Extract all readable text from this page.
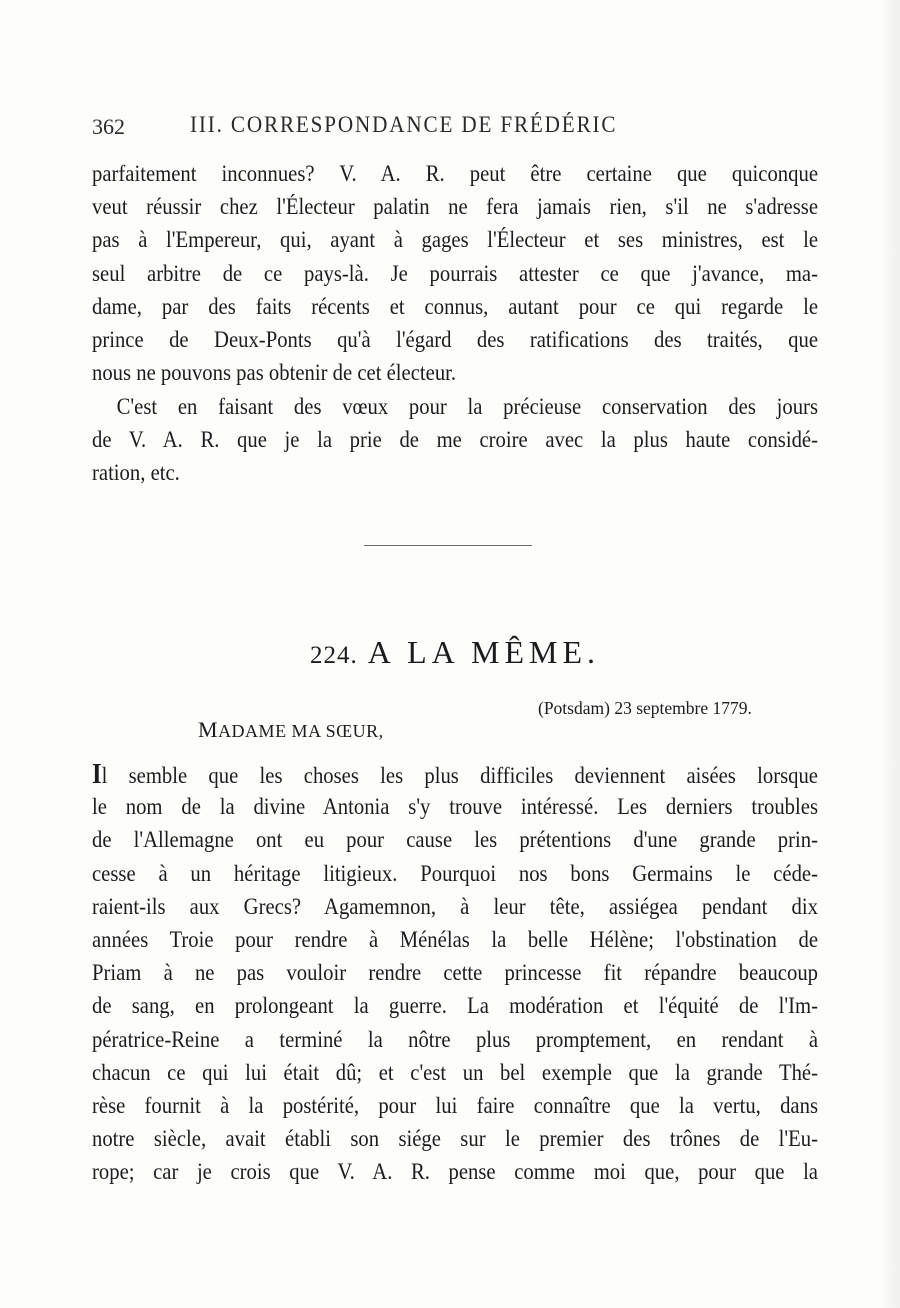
362	III. CORRESPONDANCE DE FRÉDÉRIC
parfaitement inconnues? V. A. R. peut être certaine que quiconque
veut réussir chez l'Électeur palatin ne fera jamais rien, s'il ne s'adresse
pas à l'Empereur, qui, ayant à gages l'Électeur et ses ministres, est le
seul arbitre de ce pays-là. Je pourrais attester ce que j'avance, ma-
dame, par des faits récents et connus, autant pour ce qui regarde le
prince de Deux-Ponts qu'à l'égard des ratifications des traités, que
nous ne pouvons pas obtenir de cet électeur.
C'est en faisant des vœux pour la précieuse conservation des jours
de V. A. R. que je la prie de me croire avec la plus haute considé-
ration, etc.
224. A LA MÊME.
(Potsdam) 23 septembre 1779.
MADAME MA SŒUR,
Il semble que les choses les plus difficiles deviennent aisées lorsque
le nom de la divine Antonia s'y trouve intéressé. Les derniers troubles
de l'Allemagne ont eu pour cause les prétentions d'une grande prin-
cesse à un héritage litigieux. Pourquoi nos bons Germains le céde-
raient-ils aux Grecs? Agamemnon, à leur tête, assiégea pendant dix
années Troie pour rendre à Ménélas la belle Hélène; l'obstination de
Priam à ne pas vouloir rendre cette princesse fit répandre beaucoup
de sang, en prolongeant la guerre. La modération et l'équité de l'Im-
pératrice-Reine a terminé la nôtre plus promptement, en rendant à
chacun ce qui lui était dû; et c'est un bel exemple que la grande Thé-
rèse fournit à la postérité, pour lui faire connaître que la vertu, dans
notre siècle, avait établi son siége sur le premier des trônes de l'Eu-
rope; car je crois que V. A. R. pense comme moi que, pour que la
